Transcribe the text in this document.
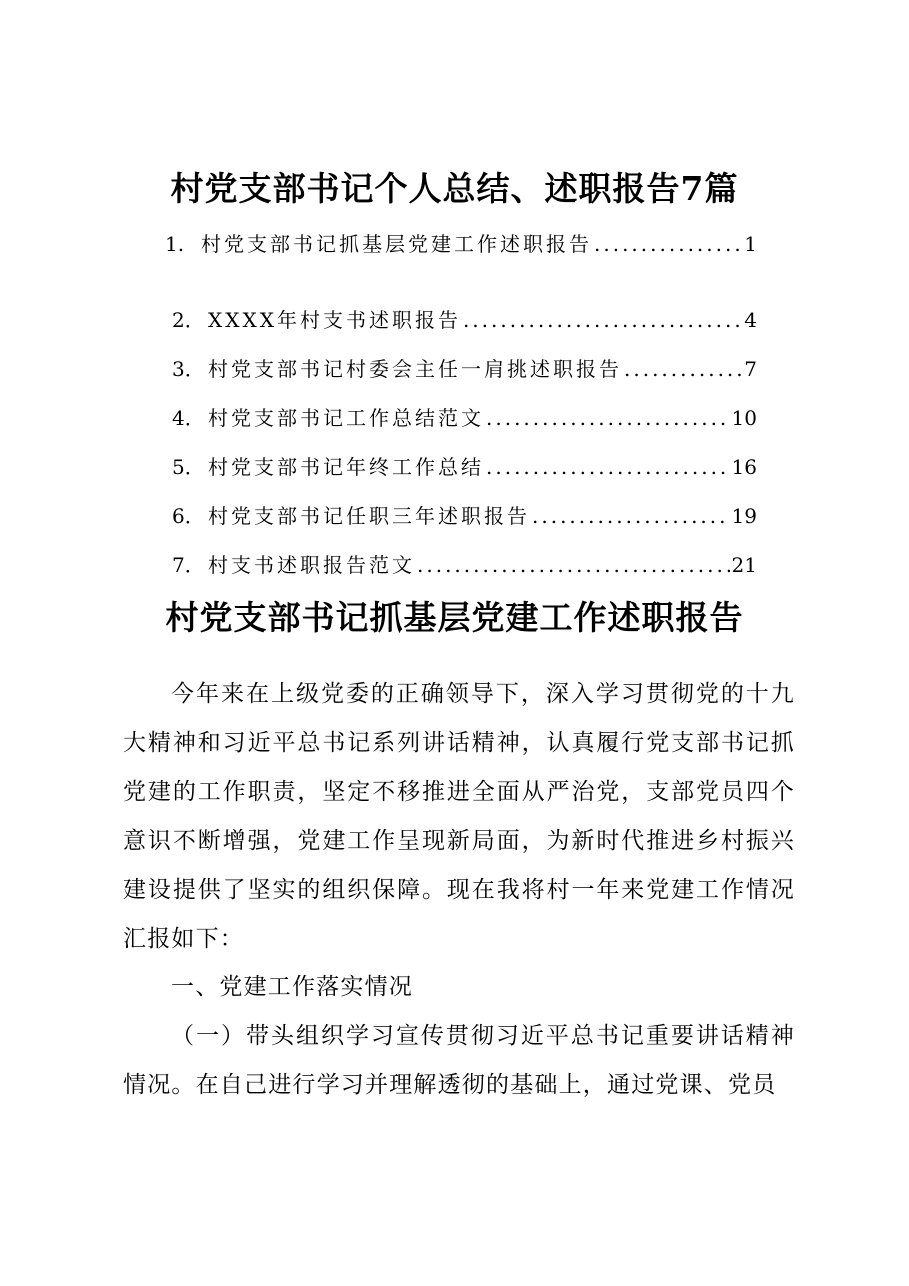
村党支部书记个人总结、述职报告7篇
1. 村党支部书记抓基层党建工作述职报告 .....	1
2． XXXX年村支书述职报告 .....	4
3． 村党支部书记村委会主任一肩挑述职报告 .....	7
4． 村党支部书记工作总结范文 .....	10
5． 村党支部书记年终工作总结 .....	16
6． 村党支部书记任职三年述职报告 .....	19
7． 村支书述职报告范文 .....	21
村党支部书记抓基层党建工作述职报告

今年来在上级党委的正确领导下，深入学习贯彻党的十九大精神和习近平总书记系列讲话精神，认真履行党支部书记抓党建的工作职责，坚定不移推进全面从严治党，支部党员四个意识不断增强，党建工作呈现新局面，为新时代推进乡村振兴建设提供了坚实的组织保障。现在我将村一年来党建工作情况汇报如下：

一、党建工作落实情况

（一）带头组织学习宣传贯彻习近平总书记重要讲话精神情况。在自己进行学习并理解透彻的基础上，通过党课、党员
